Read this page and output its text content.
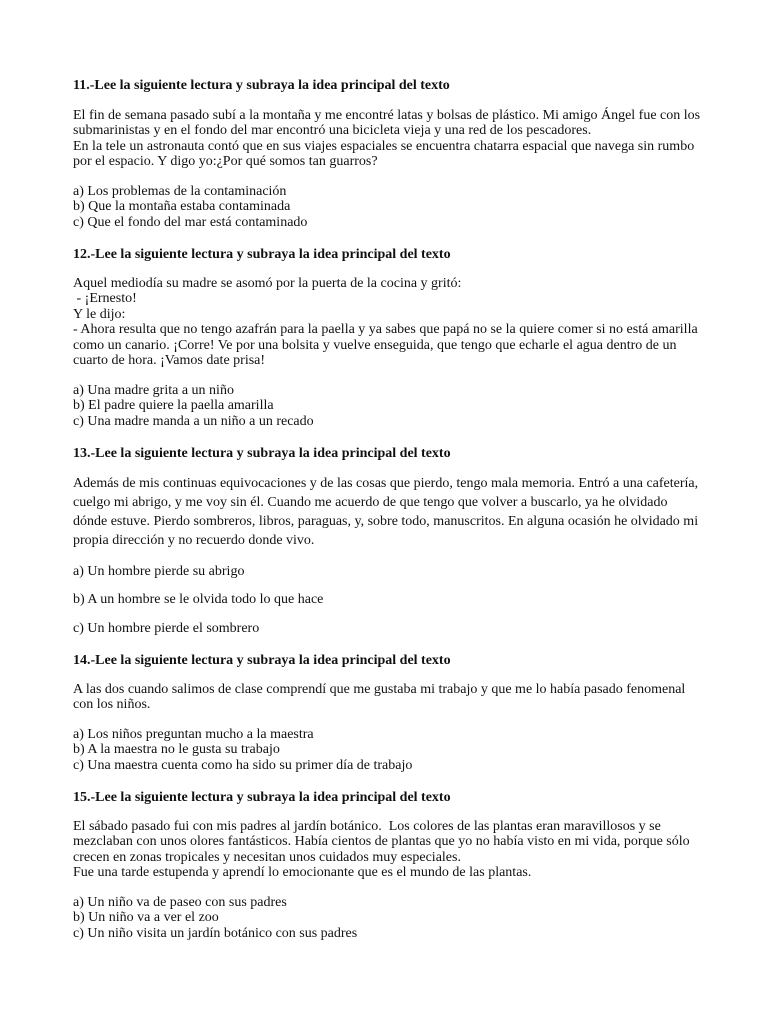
11.-Lee la siguiente lectura y subraya la idea principal del texto
El fin de semana pasado subí a la montaña y me encontré latas y bolsas de plástico. Mi amigo Ángel fue con los
submarinistas y en el fondo del mar encontró una bicicleta vieja y una red de los pescadores.
En la tele un astronauta contó que en sus viajes espaciales se encuentra chatarra espacial que navega sin rumbo
por el espacio. Y digo yo:¿Por qué somos tan guarros?
a) Los problemas de la contaminación
b) Que la montaña estaba contaminada
c) Que el fondo del mar está contaminado
12.-Lee la siguiente lectura y subraya la idea principal del texto
Aquel mediodía su madre se asomó por la puerta de la cocina y gritó:
- ¡Ernesto!
Y le dijo:
- Ahora resulta que no tengo azafrán para la paella y ya sabes que papá no se la quiere comer si no está amarilla
como un canario. ¡Corre! Ve por una bolsita y vuelve enseguida, que tengo que echarle el agua dentro de un
cuarto de hora. ¡Vamos date prisa!
a) Una madre grita a un niño
b) El padre quiere la paella amarilla
c) Una madre manda a un niño a un recado
13.-Lee la siguiente lectura y subraya la idea principal del texto
Además de mis continuas equivocaciones y de las cosas que pierdo, tengo mala memoria. Entró a una cafetería,
cuelgo mi abrigo, y me voy sin él. Cuando me acuerdo de que tengo que volver a buscarlo, ya he olvidado
dónde estuve. Pierdo sombreros, libros, paraguas, y, sobre todo, manuscritos. En alguna ocasión he olvidado mi
propia dirección y no recuerdo donde vivo.
a) Un hombre pierde su abrigo
b) A un hombre se le olvida todo lo que hace
c) Un hombre pierde el sombrero
14.-Lee la siguiente lectura y subraya la idea principal del texto
A las dos cuando salimos de clase comprendí que me gustaba mi trabajo y que me lo había pasado fenomenal
con los niños.
a) Los niños preguntan mucho a la maestra
b) A la maestra no le gusta su trabajo
c) Una maestra cuenta como ha sido su primer día de trabajo
15.-Lee la siguiente lectura y subraya la idea principal del texto
El sábado pasado fui con mis padres al jardín botánico.  Los colores de las plantas eran maravillosos y se
mezclaban con unos olores fantásticos. Había cientos de plantas que yo no había visto en mi vida, porque sólo
crecen en zonas tropicales y necesitan unos cuidados muy especiales.
Fue una tarde estupenda y aprendí lo emocionante que es el mundo de las plantas.
a) Un niño va de paseo con sus padres
b) Un niño va a ver el zoo
c) Un niño visita un jardín botánico con sus padres
